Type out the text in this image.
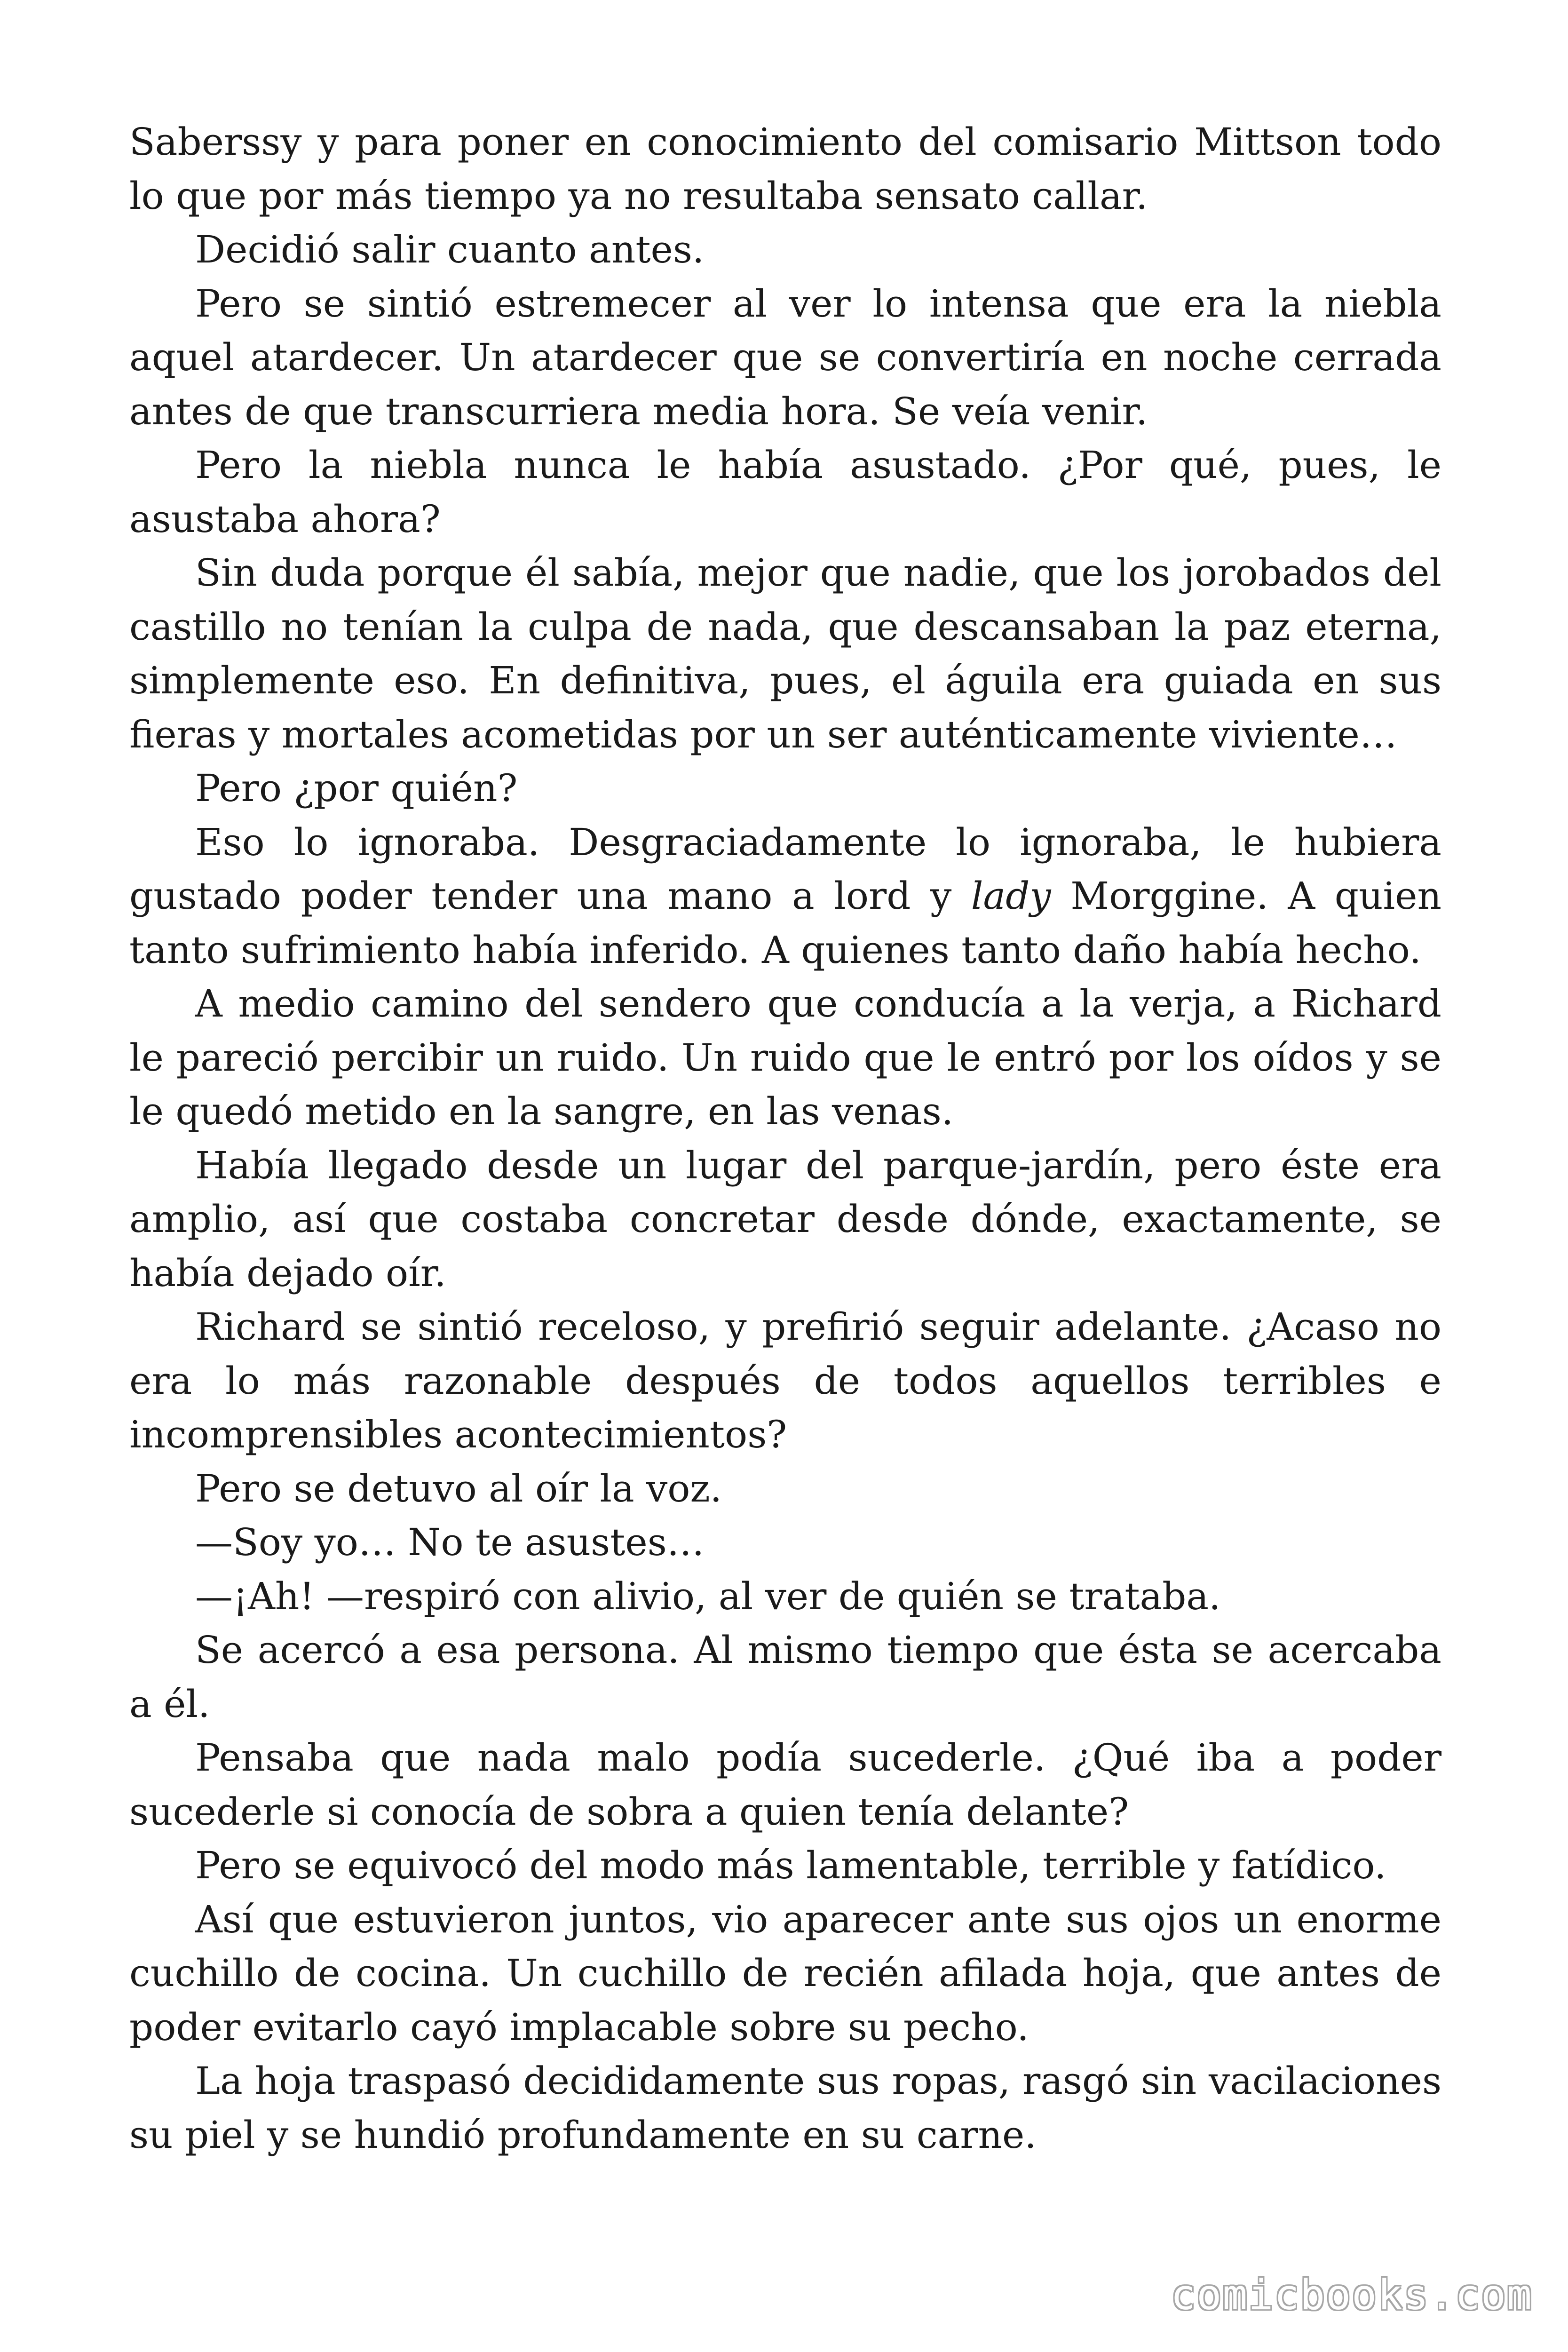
Saberssy y para poner en conocimiento del comisario Mittson todo lo que por más tiempo ya no resultaba sensato callar.

Decidió salir cuanto antes.

Pero se sintió estremecer al ver lo intensa que era la niebla aquel atardecer. Un atardecer que se convertiría en noche cerrada antes de que transcurriera media hora. Se veía venir.

Pero la niebla nunca le había asustado. ¿Por qué, pues, le asustaba ahora?

Sin duda porque él sabía, mejor que nadie, que los jorobados del castillo no tenían la culpa de nada, que descansaban la paz eterna, simplemente eso. En definitiva, pues, el águila era guiada en sus fieras y mortales acometidas por un ser auténticamente viviente…

Pero ¿por quién?

Eso lo ignoraba. Desgraciadamente lo ignoraba, le hubiera gustado poder tender una mano a lord y lady Morggine. A quien tanto sufrimiento había inferido. A quienes tanto daño había hecho.

A medio camino del sendero que conducía a la verja, a Richard le pareció percibir un ruido. Un ruido que le entró por los oídos y se le quedó metido en la sangre, en las venas.

Había llegado desde un lugar del parque-jardín, pero éste era amplio, así que costaba concretar desde dónde, exactamente, se había dejado oír.

Richard se sintió receloso, y prefirió seguir adelante. ¿Acaso no era lo más razonable después de todos aquellos terribles e incomprensibles acontecimientos?

Pero se detuvo al oír la voz.

—Soy yo… No te asustes…

—¡Ah! —respiró con alivio, al ver de quién se trataba.

Se acercó a esa persona. Al mismo tiempo que ésta se acercaba a él.

Pensaba que nada malo podía sucederle. ¿Qué iba a poder sucederle si conocía de sobra a quien tenía delante?

Pero se equivocó del modo más lamentable, terrible y fatídico.

Así que estuvieron juntos, vio aparecer ante sus ojos un enorme cuchillo de cocina. Un cuchillo de recién afilada hoja, que antes de poder evitarlo cayó implacable sobre su pecho.

La hoja traspasó decididamente sus ropas, rasgó sin vacilaciones su piel y se hundió profundamente en su carne.

comicbooks.com
